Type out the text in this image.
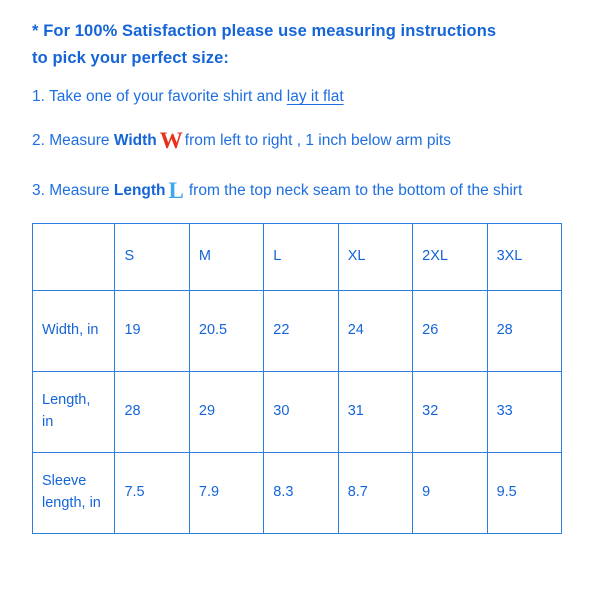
* For 100% Satisfaction please use measuring instructions
to pick your perfect size:
1. Take one of your favorite shirt and lay it flat
2. Measure Width W from left to right , 1 inch below arm pits
3. Measure Length L from the top neck seam to the bottom of the shirt
	S	M	L	XL	2XL	3XL
Width, in	19	20.5	22	24	26	28
Length, in	28	29	30	31	32	33
Sleeve length, in	7.5	7.9	8.3	8.7	9	9.5
